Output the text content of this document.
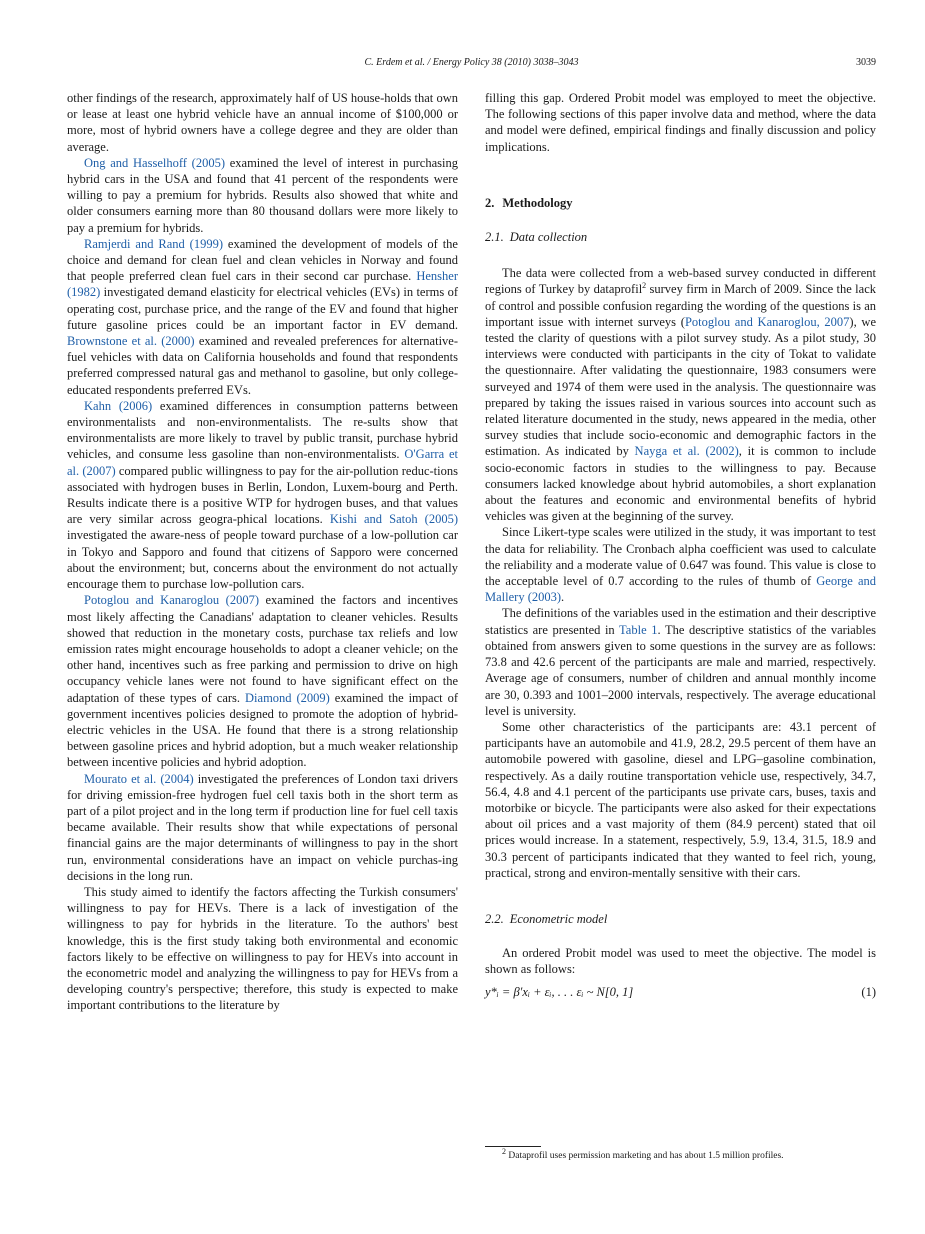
C. Erdem et al. / Energy Policy 38 (2010) 3038–3043	3039

other findings of the research, approximately half of US house-holds that own or lease at least one hybrid vehicle have an annual income of $100,000 or more, most of hybrid owners have a college degree and they are older than average.

Ong and Hasselhoff (2005) examined the level of interest in purchasing hybrid cars in the USA and found that 41 percent of the respondents were willing to pay a premium for hybrids. Results also showed that white and older consumers earning more than 80 thousand dollars were more likely to pay a premium for hybrids.

Ramjerdi and Rand (1999) examined the development of models of the choice and demand for clean fuel and clean vehicles in Norway and found that people preferred clean fuel cars in their second car purchase. Hensher (1982) investigated demand elasticity for electrical vehicles (EVs) in terms of operating cost, purchase price, and the range of the EV and found that higher future gasoline prices could be an important factor in EV demand. Brownstone et al. (2000) examined and revealed preferences for alternative-fuel vehicles with data on California households and found that respondents preferred compressed natural gas and methanol to gasoline, but only college-educated respondents preferred EVs.

Kahn (2006) examined differences in consumption patterns between environmentalists and non-environmentalists. The re-sults show that environmentalists are more likely to travel by public transit, purchase hybrid vehicles, and consume less gasoline than non-environmentalists. O'Garra et al. (2007) compared public willingness to pay for the air-pollution reduc-tions associated with hydrogen buses in Berlin, London, Luxem-bourg and Perth. Results indicate there is a positive WTP for hydrogen buses, and that values are very similar across geogra-phical locations. Kishi and Satoh (2005) investigated the aware-ness of people toward purchase of a low-pollution car in Tokyo and Sapporo and found that citizens of Sapporo were concerned about the environment; but, concerns about the environment do not actually encourage them to purchase low-pollution cars.

Potoglou and Kanaroglou (2007) examined the factors and incentives most likely affecting the Canadians' adaptation to cleaner vehicles. Results showed that reduction in the monetary costs, purchase tax reliefs and low emission rates might encourage households to adopt a cleaner vehicle; on the other hand, incentives such as free parking and permission to drive on high occupancy vehicle lanes were not found to have significant effect on the adaptation of these types of cars. Diamond (2009) examined the impact of government incentives policies designed to promote the adoption of hybrid-electric vehicles in the USA. He found that there is a strong relationship between gasoline prices and hybrid adoption, but a much weaker relationship between incentive policies and hybrid adoption.

Mourato et al. (2004) investigated the preferences of London taxi drivers for driving emission-free hydrogen fuel cell taxis both in the short term as part of a pilot project and in the long term if production line for fuel cell taxis became available. Their results show that while expectations of personal financial gains are the major determinants of willingness to pay in the short run, environmental considerations have an impact on vehicle purchas-ing decisions in the long run.

This study aimed to identify the factors affecting the Turkish consumers' willingness to pay for HEVs. There is a lack of investigation of the willingness to pay for hybrids in the literature. To the authors' best knowledge, this is the first study taking both environmental and economic factors likely to be effective on willingness to pay for HEVs into account in the econometric model and analyzing the willingness to pay for HEVs from a developing country's perspective; therefore, this study is expected to make important contributions to the literature by

filling this gap. Ordered Probit model was employed to meet the objective. The following sections of this paper involve data and method, where the data and model were defined, empirical findings and finally discussion and policy implications.

2. Methodology
2.1. Data collection

The data were collected from a web-based survey conducted in different regions of Turkey by dataprofil$^2$ survey firm in March of 2009. Since the lack of control and possible confusion regarding the wording of the questions is an important issue with internet surveys (Potoglou and Kanaroglou, 2007), we tested the clarity of questions with a pilot survey study. As a pilot study, 30 interviews were conducted with participants in the city of Tokat to validate the questionnaire. After validating the questionnaire, 1983 consumers were surveyed and 1974 of them were used in the analysis. The questionnaire was prepared by taking the issues raised in various sources into account such as related literature documented in the study, news appeared in the media, other survey studies that include socio-economic and demographic factors in the estimation. As indicated by Nayga et al. (2002), it is common to include socio-economic factors in studies to the willingness to pay. Because consumers lacked knowledge about hybrid automobiles, a short explanation about the features and economic and environmental benefits of hybrid vehicles was given at the beginning of the survey.

Since Likert-type scales were utilized in the study, it was important to test the data for reliability. The Cronbach alpha coefficient was used to calculate the reliability and a moderate value of 0.647 was found. This value is close to the acceptable level of 0.7 according to the rules of thumb of George and Mallery (2003).

The definitions of the variables used in the estimation and their descriptive statistics are presented in Table 1. The descriptive statistics of the variables obtained from answers given to some questions in the survey are as follows: 73.8 and 42.6 percent of the participants are male and married, respectively. Average age of consumers, number of children and annual monthly income are 30, 0.393 and 1001–2000 intervals, respectively. The average educational level is university.

Some other characteristics of the participants are: 43.1 percent of participants have an automobile and 41.9, 28.2, 29.5 percent of them have an automobile powered with gasoline, diesel and LPG–gasoline combination, respectively. As a daily routine transportation vehicle use, respectively, 34.7, 56.4, 4.8 and 4.1 percent of the participants use private cars, buses, taxis and motorbike or bicycle. The participants were also asked for their expectations about oil prices and a vast majority of them (84.9 percent) stated that oil prices would increase. In a statement, respectively, 5.9, 13.4, 31.5, 18.9 and 30.3 percent of participants indicated that they wanted to feel rich, young, practical, strong and environ-mentally sensitive with their cars.

2.2. Econometric model

An ordered Probit model was used to meet the objective. The model is shown as follows:

y*ᵢ = β′xᵢ + εᵢ, . . . εᵢ ~ N[0, 1]	(1)
$^2$ Dataprofil uses permission marketing and has about 1.5 million profiles.
